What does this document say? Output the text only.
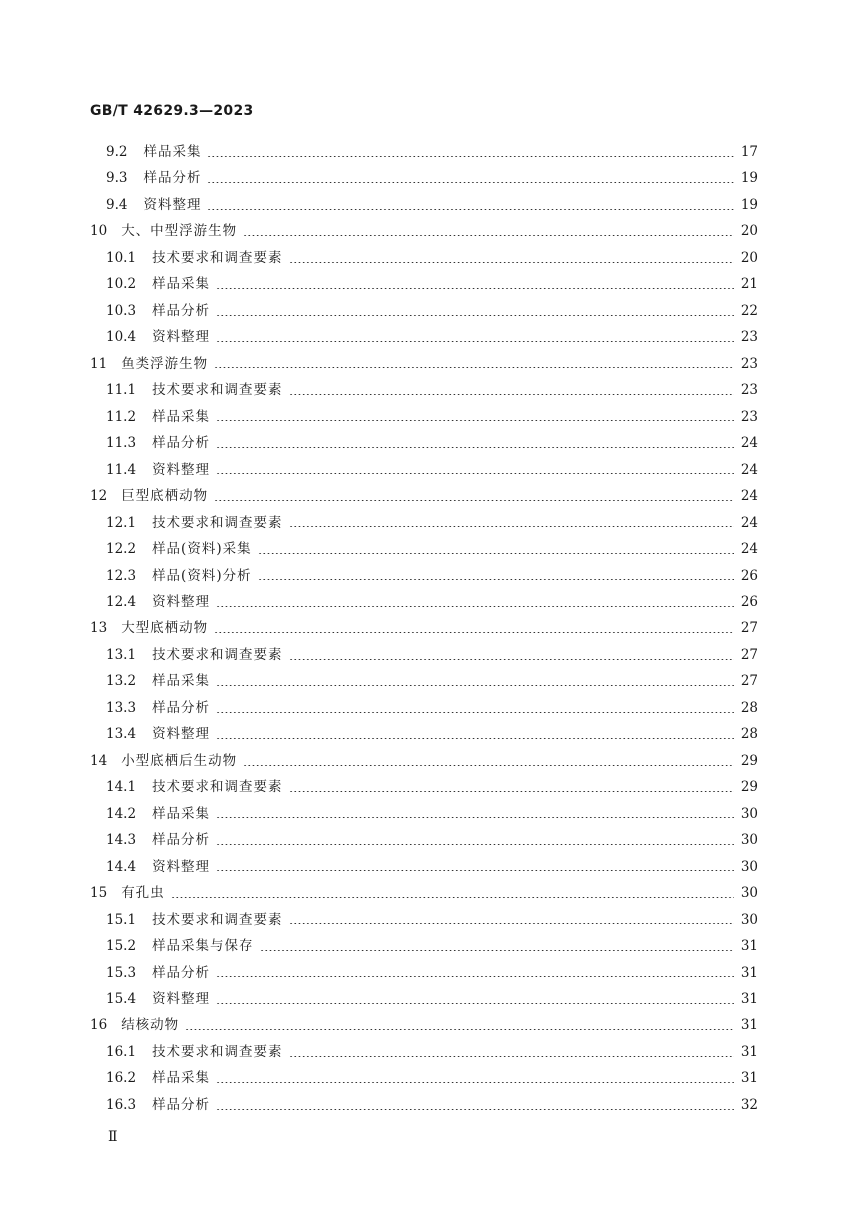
GB/T 42629.3—2023
9.2 样品采集	17
9.3 样品分析	19
9.4 资料整理	19
10 大、中型浮游生物	20
10.1 技术要求和调查要素	20
10.2 样品采集	21
10.3 样品分析	22
10.4 资料整理	23
11 鱼类浮游生物	23
11.1 技术要求和调查要素	23
11.2 样品采集	23
11.3 样品分析	24
11.4 资料整理	24
12 巨型底栖动物	24
12.1 技术要求和调查要素	24
12.2 样品(资料)采集	24
12.3 样品(资料)分析	26
12.4 资料整理	26
13 大型底栖动物	27
13.1 技术要求和调查要素	27
13.2 样品采集	27
13.3 样品分析	28
13.4 资料整理	28
14 小型底栖后生动物	29
14.1 技术要求和调查要素	29
14.2 样品采集	30
14.3 样品分析	30
14.4 资料整理	30
15 有孔虫	30
15.1 技术要求和调查要素	30
15.2 样品采集与保存	31
15.3 样品分析	31
15.4 资料整理	31
16 结核动物	31
16.1 技术要求和调查要素	31
16.2 样品采集	31
16.3 样品分析	32
Ⅱ
